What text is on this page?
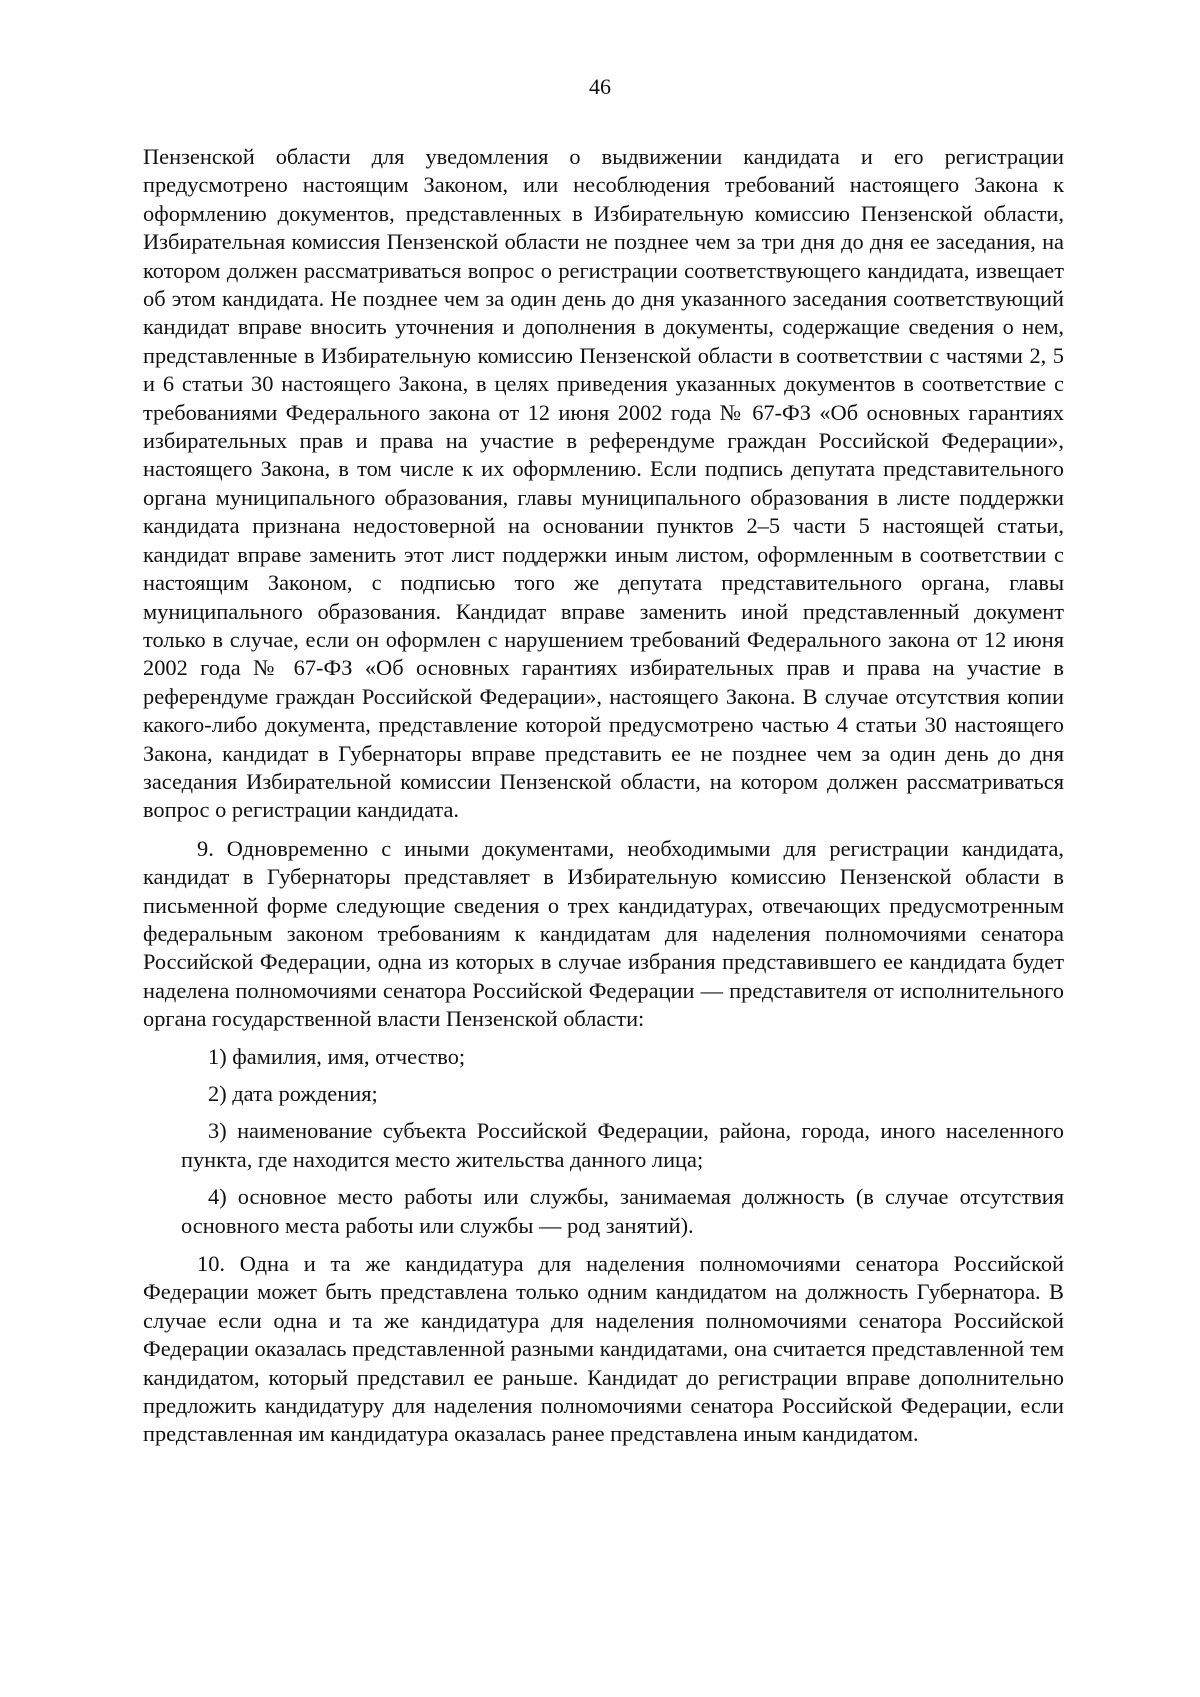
46

Пензенской области для уведомления о выдвижении кандидата и его регистрации предусмотрено настоящим Законом, или несоблюдения требований настоящего Закона к оформлению документов, представленных в Избирательную комиссию Пензенской области, Избирательная комиссия Пензенской области не позднее чем за три дня до дня ее заседания, на котором должен рассматриваться вопрос о регистрации соответствующего кандидата, извещает об этом кандидата. Не позднее чем за один день до дня указанного заседания соответствующий кандидат вправе вносить уточнения и дополнения в документы, содержащие сведения о нем, представленные в Избирательную комиссию Пензенской области в соответствии с частями 2, 5 и 6 статьи 30 настоящего Закона, в целях приведения указанных документов в соответствие с требованиями Федерального закона от 12 июня 2002 года № 67-ФЗ «Об основных гарантиях избирательных прав и права на участие в референдуме граждан Российской Федерации», настоящего Закона, в том числе к их оформлению. Если подпись депутата представительного органа муниципального образования, главы муниципального образования в листе поддержки кандидата признана недостоверной на основании пунктов 2–5 части 5 настоящей статьи, кандидат вправе заменить этот лист поддержки иным листом, оформленным в соответствии с настоящим Законом, с подписью того же депутата представительного органа, главы муниципального образования. Кандидат вправе заменить иной представленный документ только в случае, если он оформлен с нарушением требований Федерального закона от 12 июня 2002 года № 67-ФЗ «Об основных гарантиях избирательных прав и права на участие в референдуме граждан Российской Федерации», настоящего Закона. В случае отсутствия копии какого-либо документа, представление которой предусмотрено частью 4 статьи 30 настоящего Закона, кандидат в Губернаторы вправе представить ее не позднее чем за один день до дня заседания Избирательной комиссии Пензенской области, на котором должен рассматриваться вопрос о регистрации кандидата.

9. Одновременно с иными документами, необходимыми для регистрации кандидата, кандидат в Губернаторы представляет в Избирательную комиссию Пензенской области в письменной форме следующие сведения о трех кандидатурах, отвечающих предусмотренным федеральным законом требованиям к кандидатам для наделения полномочиями сенатора Российской Федерации, одна из которых в случае избрания представившего ее кандидата будет наделена полномочиями сенатора Российской Федерации — представителя от исполнительного органа государственной власти Пензенской области:

1) фамилия, имя, отчество;

2) дата рождения;

3) наименование субъекта Российской Федерации, района, города, иного населенного пункта, где находится место жительства данного лица;

4) основное место работы или службы, занимаемая должность (в случае отсутствия основного места работы или службы — род занятий).

10. Одна и та же кандидатура для наделения полномочиями сенатора Российской Федерации может быть представлена только одним кандидатом на должность Губернатора. В случае если одна и та же кандидатура для наделения полномочиями сенатора Российской Федерации оказалась представленной разными кандидатами, она считается представленной тем кандидатом, который представил ее раньше. Кандидат до регистрации вправе дополнительно предложить кандидатуру для наделения полномочиями сенатора Российской Федерации, если представленная им кандидатура оказалась ранее представлена иным кандидатом.
